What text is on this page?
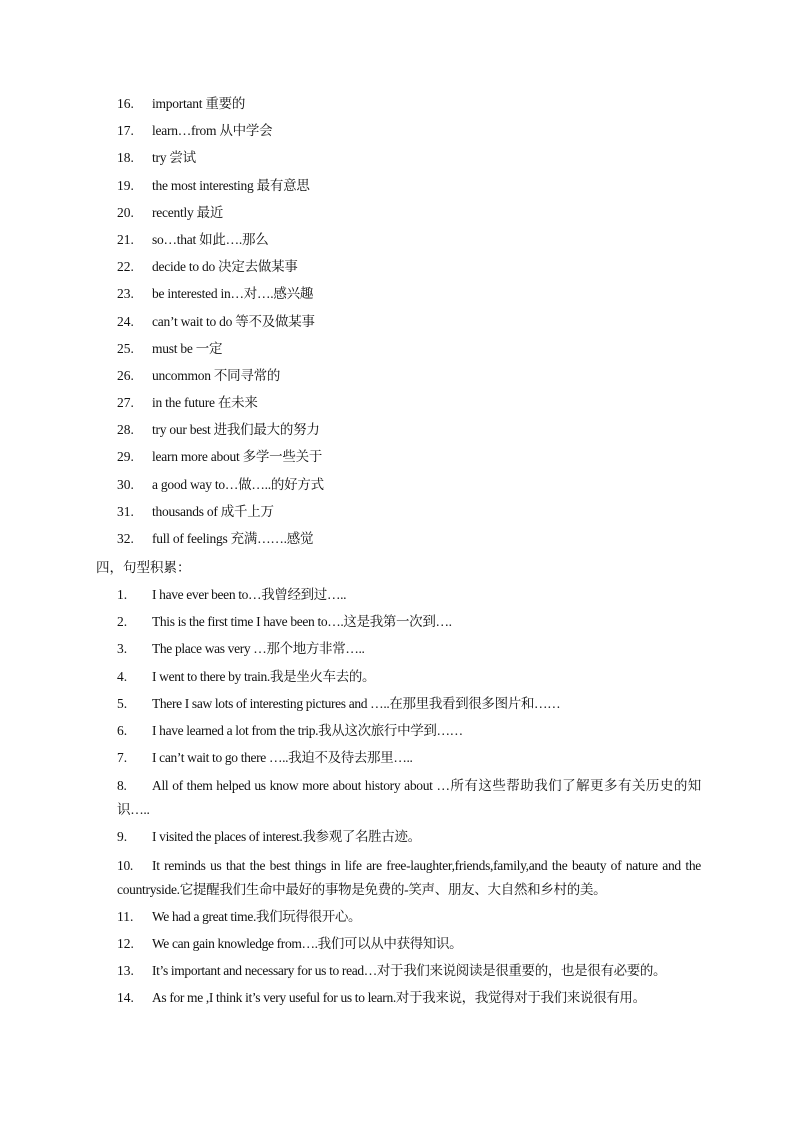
16.	important 重要的
17.	learn…from 从中学会
18.	try 尝试
19.	the most interesting 最有意思
20.	recently 最近
21.	so…that 如此….那么
22.	decide to do 决定去做某事
23.	be interested in…对….感兴趣
24.	can’t wait to do 等不及做某事
25.	must be 一定
26.	uncommon 不同寻常的
27.	in the future 在未来
28.	try our best 进我们最大的努力
29.	learn more about 多学一些关于
30.	a good way to…做…..的好方式
31.	thousands of 成千上万
32.	full of feelings 充满…….感觉
四，句型积累：
1.	I have ever been to…我曾经到过…..
2.	This is the first time I have been to….这是我第一次到….
3.	The place was very …那个地方非常…..
4.	I went to there by train.我是坐火车去的。
5.	There I saw lots of interesting pictures and …..在那里我看到很多图片和……
6.	I have learned a lot from the trip.我从这次旅行中学到……
7.	I can’t wait to go there …..我迫不及待去那里…..
8. All of them helped us know more about history about …所有这些帮助我们了解更多有关历史的知识…..
9.	I visited the places of interest.我参观了名胜古迹。
10. It reminds us that the best things in life are free-laughter,friends,family,and the beauty of nature and the countryside.它提醒我们生命中最好的事物是免费的-笑声、朋友、大自然和乡村的美。
11.	We had a great time.我们玩得很开心。
12.	We can gain knowledge from….我们可以从中获得知识。
13.	It’s important and necessary for us to read…对于我们来说阅读是很重要的，也是很有必要的。
14.	As for me ,I think it’s very useful for us to learn.对于我来说，我觉得对于我们来说很有用。
